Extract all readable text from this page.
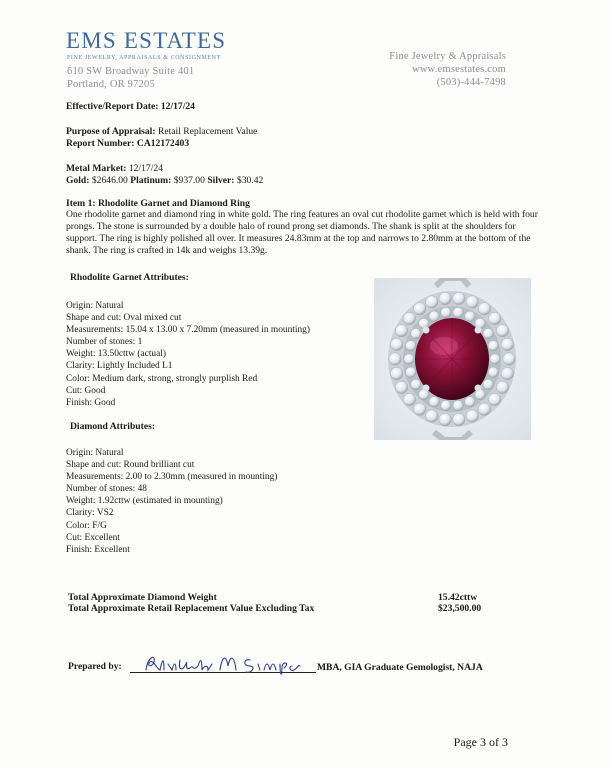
EMS ESTATES
FINE JEWELRY, APPRAISALS & CONSIGNMENT
610 SW Broadway Suite 401
Portland, OR 97205
Fine Jewelry & Appraisals
www.emsestates.com
(503)-444-7498
Effective/Report Date: 12/17/24
Purpose of Appraisal: Retail Replacement Value
Report Number: CA12172403
Metal Market: 12/17/24
Gold: $2646.00 Platinum: $937.00 Silver: $30.42
Item 1: Rhodolite Garnet and Diamond Ring
One rhodolite garnet and diamond ring in white gold. The ring features an oval cut rhodolite garnet which is held with four prongs. The stone is surrounded by a double halo of round prong set diamonds. The shank is split at the shoulders for support. The ring is highly polished all over. It measures 24.83mm at the top and narrows to 2.80mm at the bottom of the shank. The ring is crafted in 14k and weighs 13.39g.
Rhodolite Garnet Attributes:
Origin: Natural
Shape and cut: Oval mixed cut
Measurements: 15.04 x 13.00 x 7.20mm (measured in mounting)
Number of stones: 1
Weight: 13.50cttw (actual)
Clarity: Lightly Included L1
Color: Medium dark, strong, strongly purplish Red
Cut: Good
Finish: Good
Diamond Attributes:
Origin: Natural
Shape and cut: Round brilliant cut
Measurements: 2.00 to 2.30mm (measured in mounting)
Number of stones: 48
Weight: 1.92cttw (estimated in mounting)
Clarity: VS2
Color: F/G
Cut: Excellent
Finish: Excellent
Total Approximate Diamond Weight	15.42cttw
Total Approximate Retail Replacement Value Excluding Tax	$23,500.00
Prepared by:	MBA, GIA Graduate Gemologist, NAJA
Page 3 of 3
